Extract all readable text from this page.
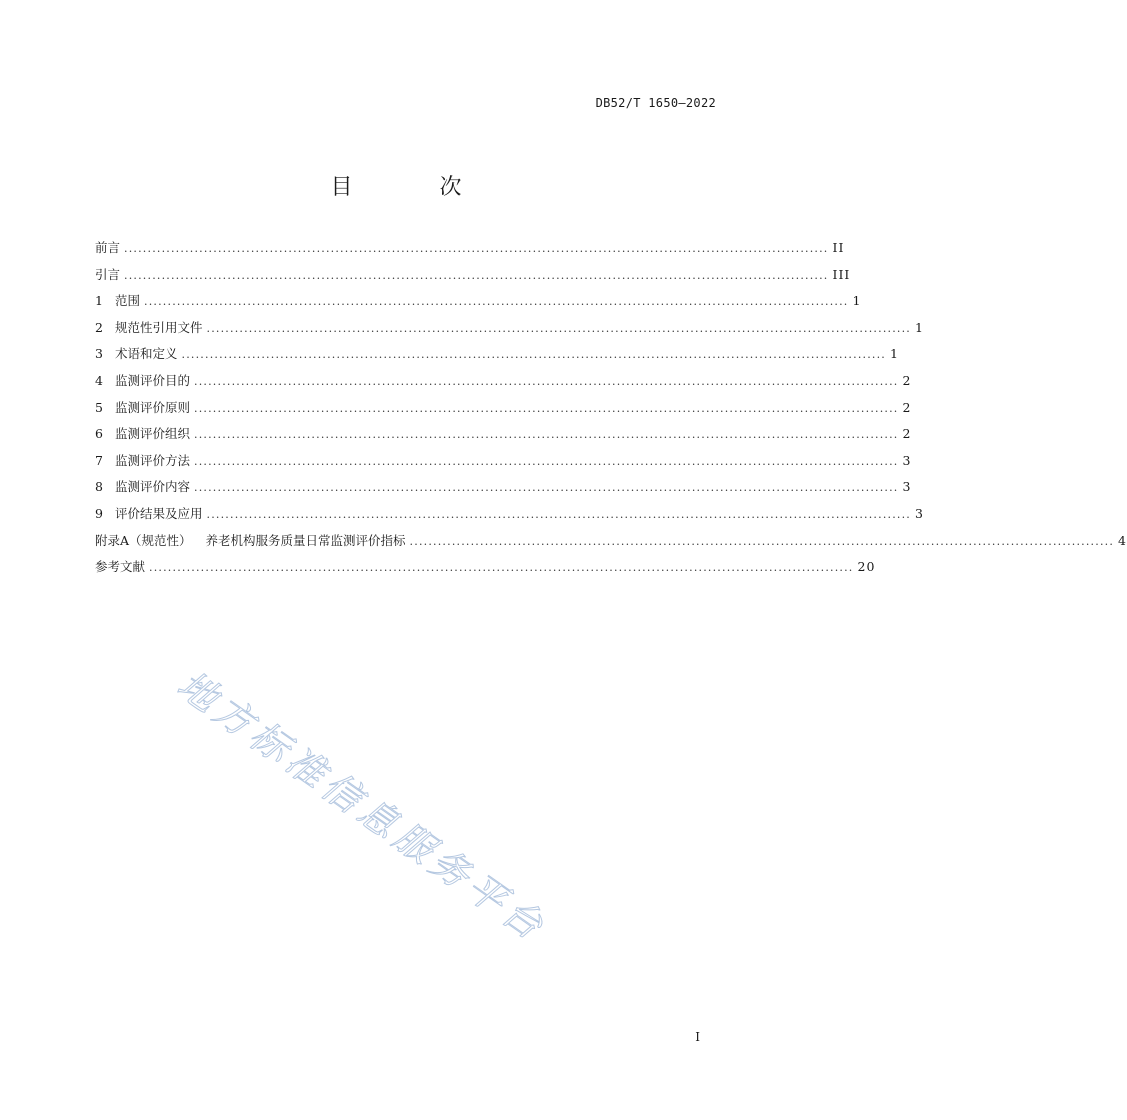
DB52/T 1650—2022
目 次
前言 ...................................................................................................................................................... II
引言 ...................................................................................................................................................... III
1 范围 ...................................................................................................................................................... 1
2 规范性引用文件 ...................................................................................................................................................... 1
3 术语和定义 ...................................................................................................................................................... 1
4 监测评价目的 ...................................................................................................................................................... 2
5 监测评价原则 ...................................................................................................................................................... 2
6 监测评价组织 ...................................................................................................................................................... 2
7 监测评价方法 ...................................................................................................................................................... 3
8 监测评价内容 ...................................................................................................................................................... 3
9 评价结果及应用 ...................................................................................................................................................... 3
附录A（规范性） 养老机构服务质量日常监测评价指标 ...................................................................................................................................................... 4
参考文献 ...................................................................................................................................................... 20
地方标准信息服务平台
I
